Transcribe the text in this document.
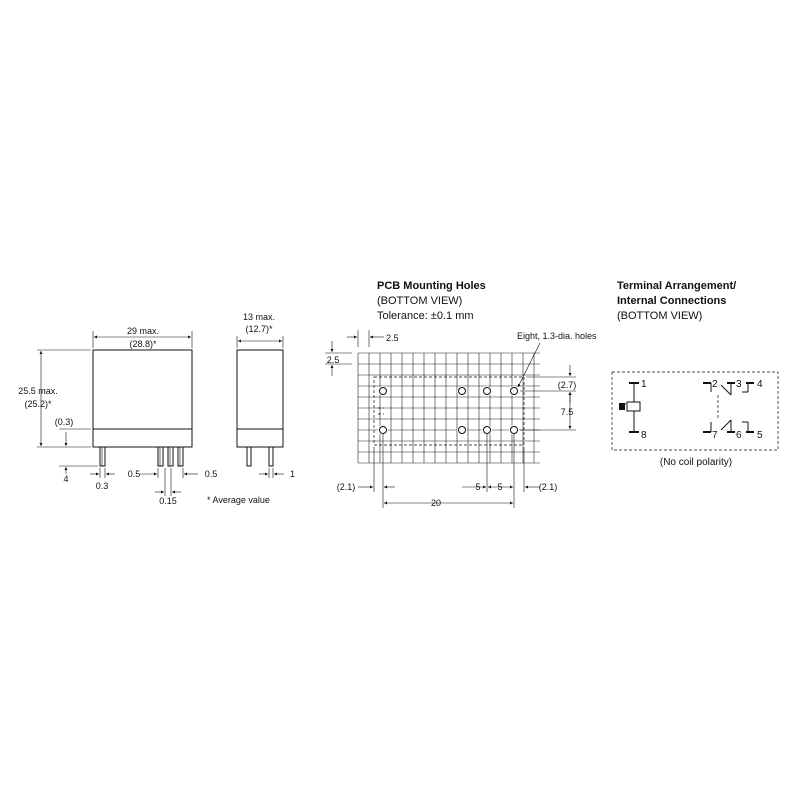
29 max.
(28.8)*
25.5 max.
(25.2)*
(0.3)
4
0.3
0.5	0.5
0.15	* Average value
13 max.
(12.7)*
1
PCB Mounting Holes
(BOTTOM VIEW)
Tolerance: ±0.1 mm
2.5
2.5
Eight, 1.3-dia. holes
(2.7)
7.5
(2.1)	5 5	(2.1)
20
Terminal Arrangement/
Internal Connections
(BOTTOM VIEW)
1	2 3 4
5
6
7
8
(No coil polarity)
